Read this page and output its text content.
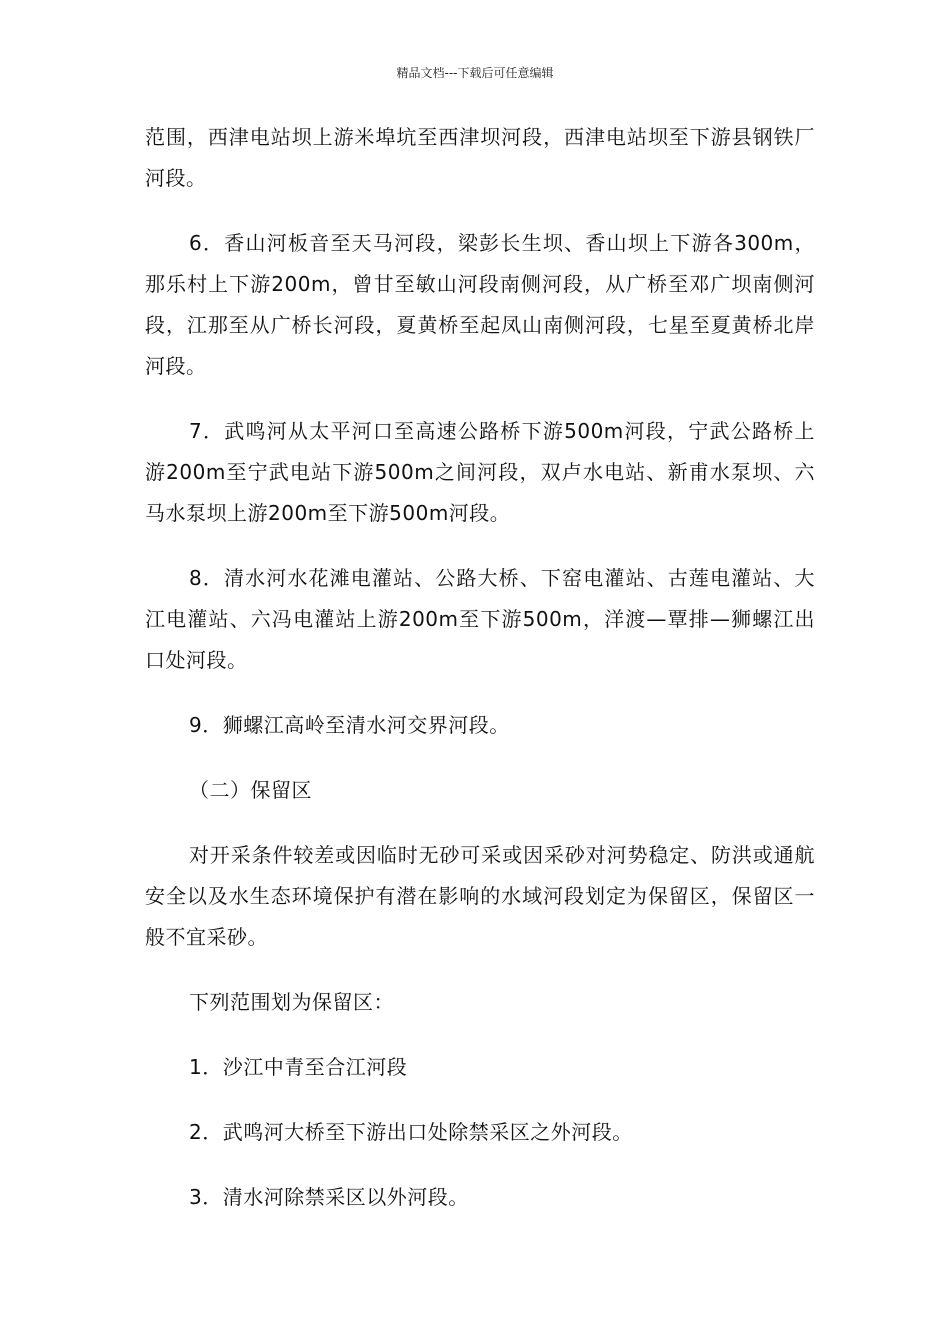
精品文档---下载后可任意编辑

范围，西津电站坝上游米埠坑至西津坝河段，西津电站坝至下游县钢铁厂河段。

6．香山河板音至天马河段，梁彭长生坝、香山坝上下游各300m，那乐村上下游200m，曾甘至敏山河段南侧河段，从广桥至邓广坝南侧河段，江那至从广桥长河段，夏黄桥至起凤山南侧河段，七星至夏黄桥北岸河段。

7．武鸣河从太平河口至高速公路桥下游500m河段，宁武公路桥上游200m至宁武电站下游500m之间河段，双卢水电站、新甫水泵坝、六马水泵坝上游200m至下游500m河段。

8．清水河水花滩电灌站、公路大桥、下窑电灌站、古莲电灌站、大江电灌站、六冯电灌站上游200m至下游500m，洋渡—覃排—狮螺江出口处河段。

9．狮螺江高岭至清水河交界河段。

（二）保留区

对开采条件较差或因临时无砂可采或因采砂对河势稳定、防洪或通航安全以及水生态环境保护有潜在影响的水域河段划定为保留区，保留区一般不宜采砂。

下列范围划为保留区：

1．沙江中青至合江河段

2．武鸣河大桥至下游出口处除禁采区之外河段。

3．清水河除禁采区以外河段。
